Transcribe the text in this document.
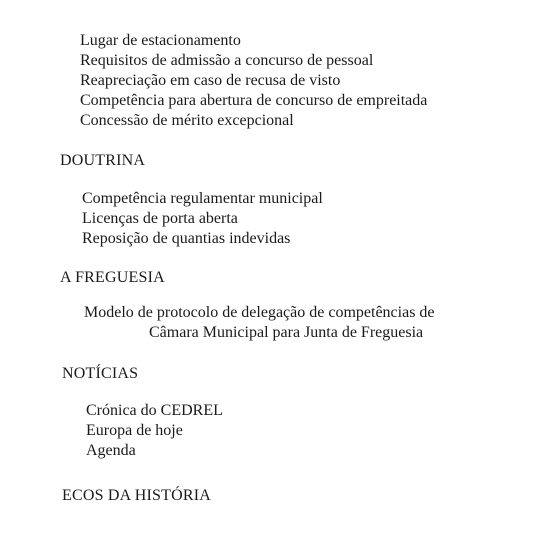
Lugar de estacionamento
Requisitos de admissão a concurso de pessoal
Reapreciação em caso de recusa de visto
Competência para abertura de concurso de empreitada
Concessão de mérito excepcional
DOUTRINA
Competência regulamentar municipal
Licenças de porta aberta
Reposição de quantias indevidas
A FREGUESIA
Modelo de protocolo de delegação de competências de
Câmara Municipal para Junta de Freguesia
NOTÍCIAS
Crónica do CEDREL
Europa de hoje
Agenda
ECOS DA HISTÓRIA
